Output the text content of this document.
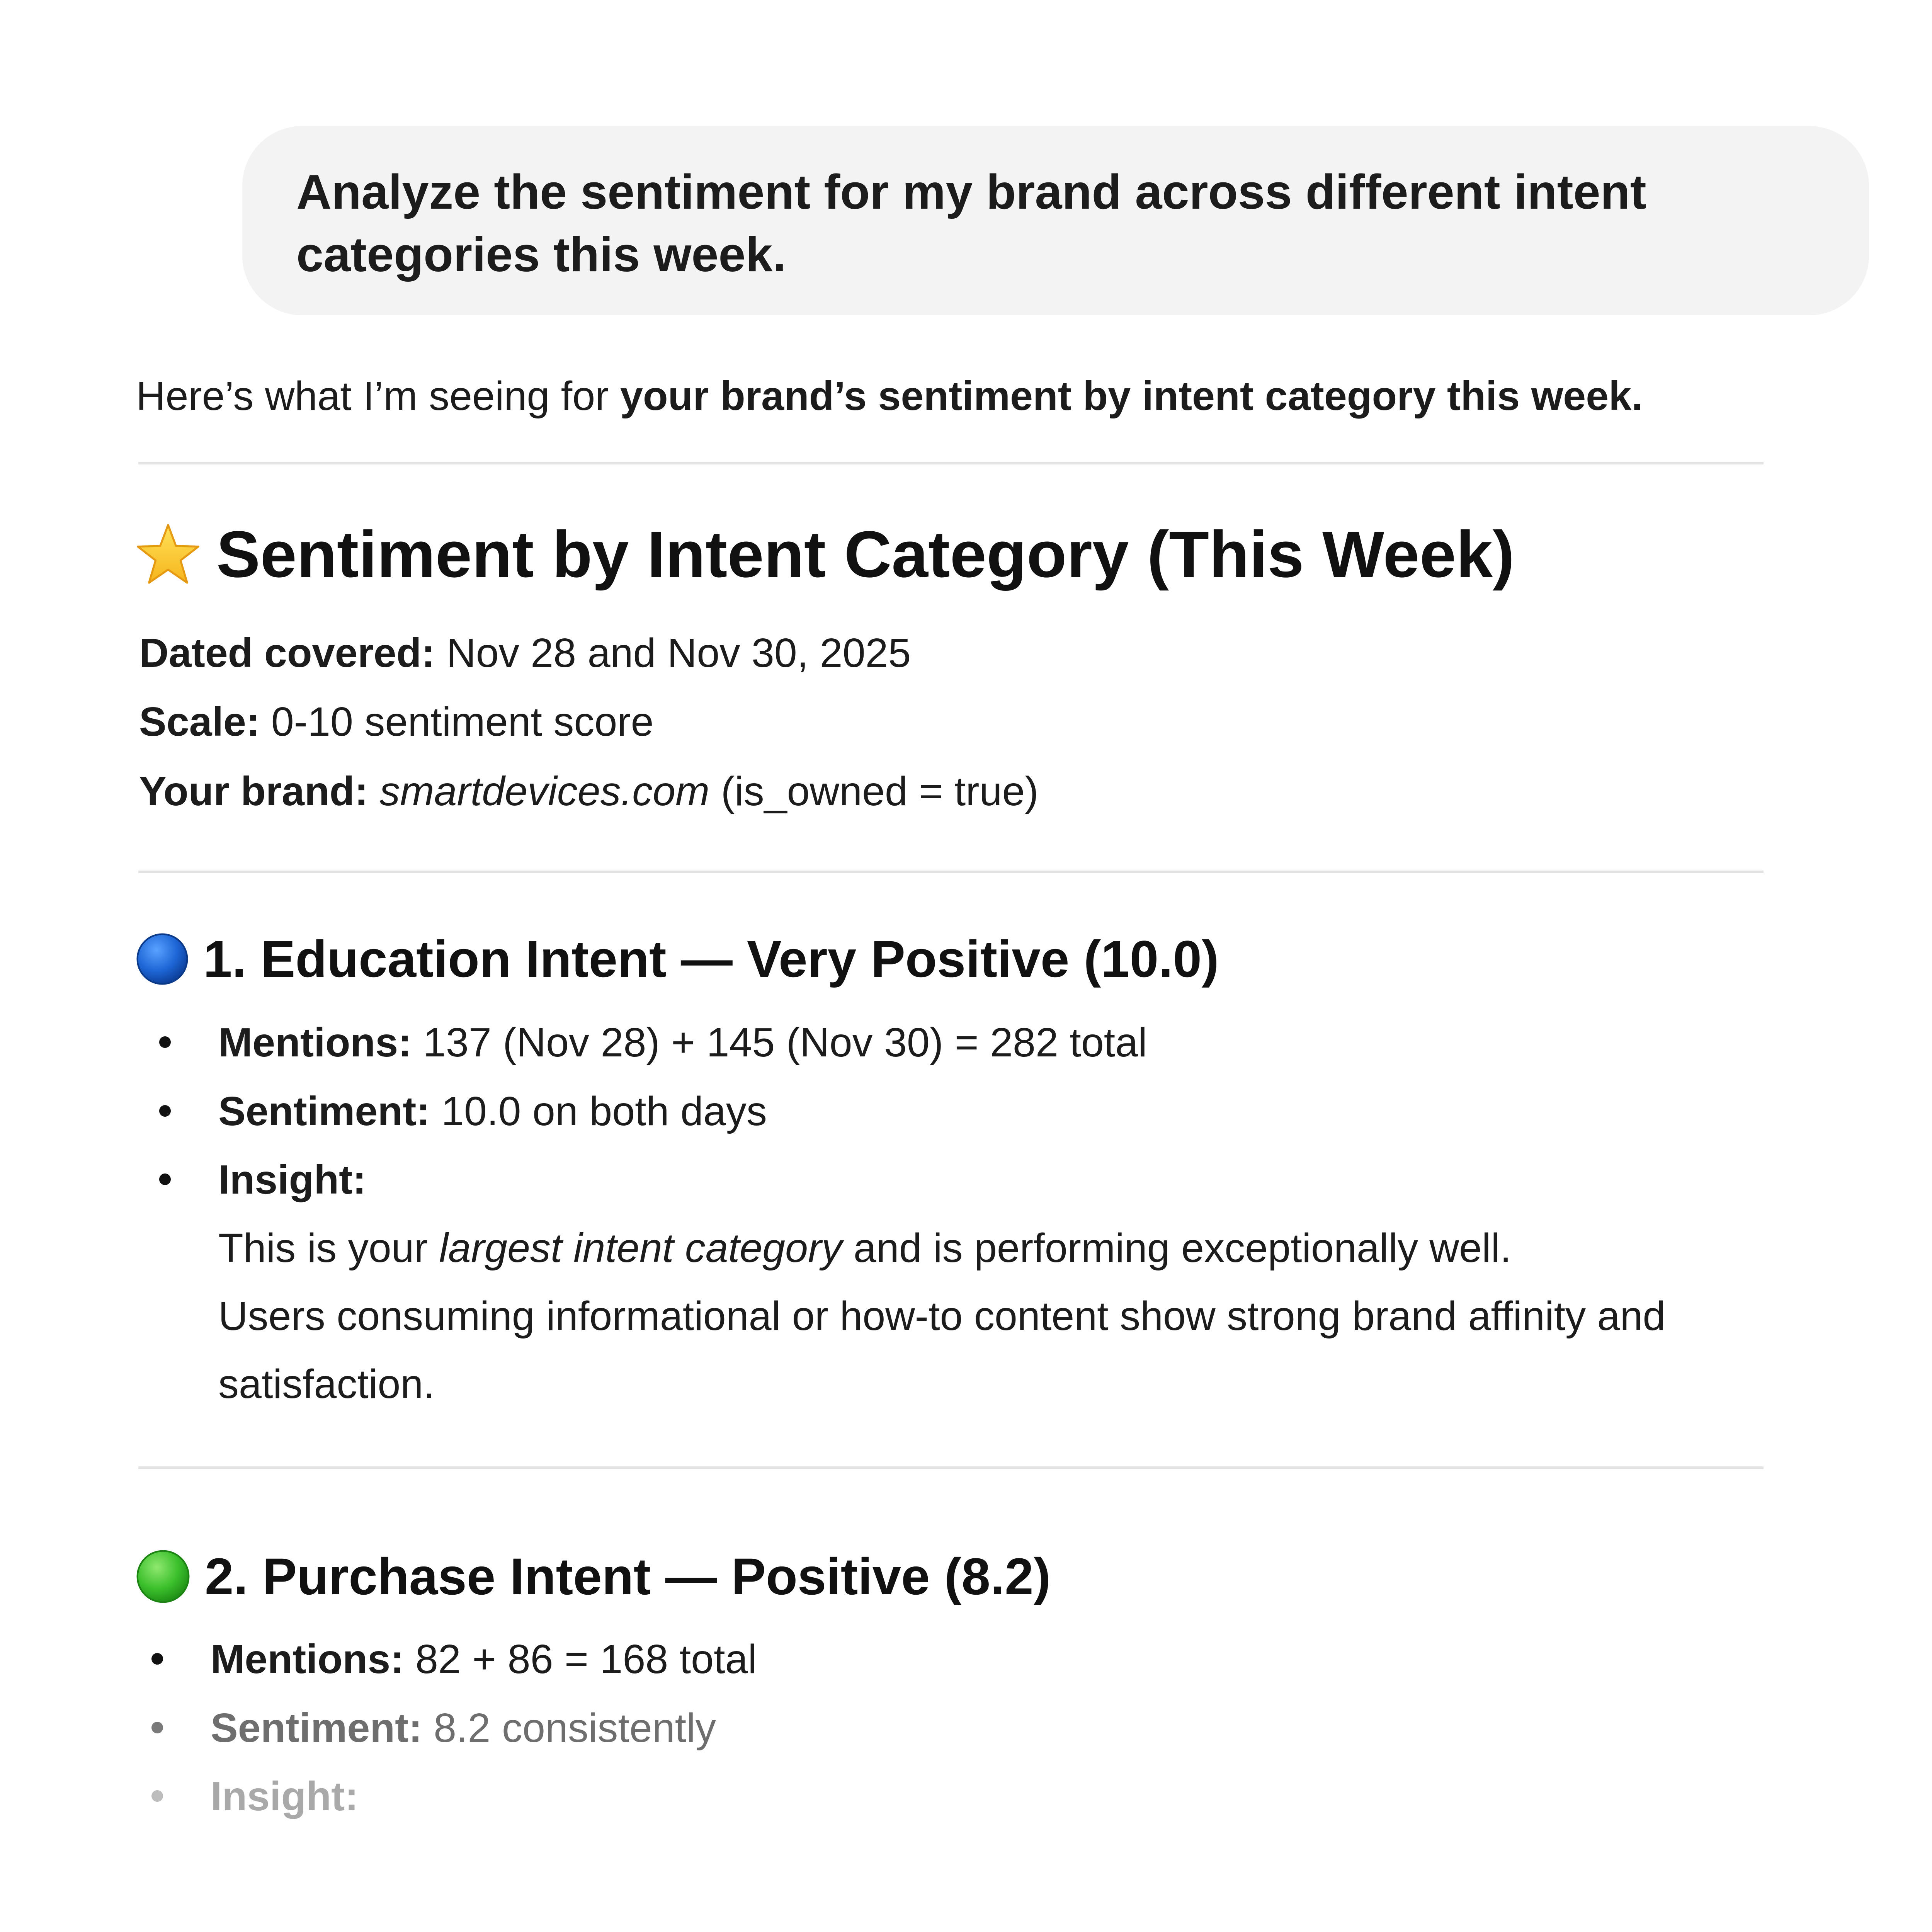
Analyze the sentiment for my brand across different intent categories this week.
Here’s what I’m seeing for your brand’s sentiment by intent category this week.
Sentiment by Intent Category (This Week)
Dated covered: Nov 28 and Nov 30, 2025
Scale: 0-10 sentiment score
Your brand: smartdevices.com (is_owned = true)
1. Education Intent — Very Positive (10.0)
Mentions: 137 (Nov 28) + 145 (Nov 30) = 282 total
Sentiment: 10.0 on both days
Insight:
This is your largest intent category and is performing exceptionally well.
Users consuming informational or how-to content show strong brand affinity and satisfaction.
2. Purchase Intent — Positive (8.2)
Mentions: 82 + 86 = 168 total
Sentiment: 8.2 consistently
Insight:
